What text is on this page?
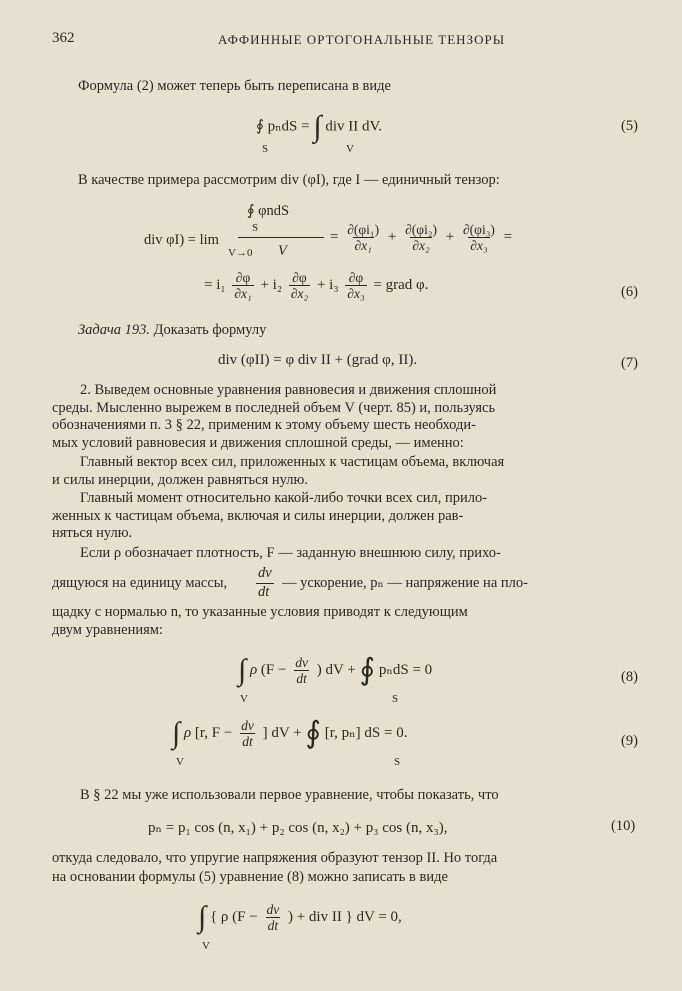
362	АФФИННЫЕ ОРТОГОНАЛЬНЫЕ ТЕНЗОРЫ
Формула (2) может теперь быть переписана в виде
∮ pₙdS = ∫ div II dV.
S	V
(5)
В качестве примера рассмотрим div (φI), где I — единичный тензор:
∮ φndS
S
div φI) = lim
V→0 V
= $\frac{\text{∂(φi₁)}}{\text{∂x₁}} + \frac{\text{∂(φi₂)}}{\text{∂x₂}} + \frac{\text{∂(φi₃)}}{\text{∂x₃}}$ =
= $i_1 \frac{\partial\varphi}{\text{∂x₁}} + i_2 \frac{\partial\varphi}{\text{∂x₂}} + i_3 \frac{\partial\varphi}{\text{∂x₃}}$ = grad φ.	(6)
Задача 193. Доказать формулу
div (φII) = φ div II + (grad φ, II).	(7)
2. Выведем основные уравнения равновесия и движения сплошной
среды. Мысленно вырежем в последней объем V (черт. 85) и, пользуясь
обозначениями п. 3 § 22, применим к этому объему шесть необходи-
мых условий равновесия и движения сплошной среды, — именно:
Главный вектор всех сил, приложенных к частицам объема, включая
и силы инерции, должен равняться нулю.
Главный момент относительно какой-либо точки всех сил, прило-
женных к частицам объема, включая и силы инерции, должен рав-
няться нулю.
Если ρ обозначает плотность, F — заданную внешнюю силу, прихо-
дящуюся на единицу массы,
dv
dt
— ускорение, pₙ — напряжение на пло-
щадку с нормалью n, то указанные условия приводят к следующим
двум уравнениям:
∫ ρ ($F - \frac{dv}{dt}$ ) dV + ∮ pₙdS = 0
V	S
(8)
∫ ρ [r, $F - \frac{dv}{dt}$ ] dV + ∮ [r, pₙ] dS = 0.
V	S
(9)
В § 22 мы уже использовали первое уравнение, чтобы показать, что
pₙ = p₁ cos (n, x₁) + p₂ cos (n, x₂) + p₃ cos (n, x₃),	(10)
откуда следовало, что упругие напряжения образуют тензор II. Но тогда
на основании формулы (5) уравнение (8) можно записать в виде
∫ { ρ ($F - \frac{dv}{dt}$ ) + div II } dV = 0,
V
